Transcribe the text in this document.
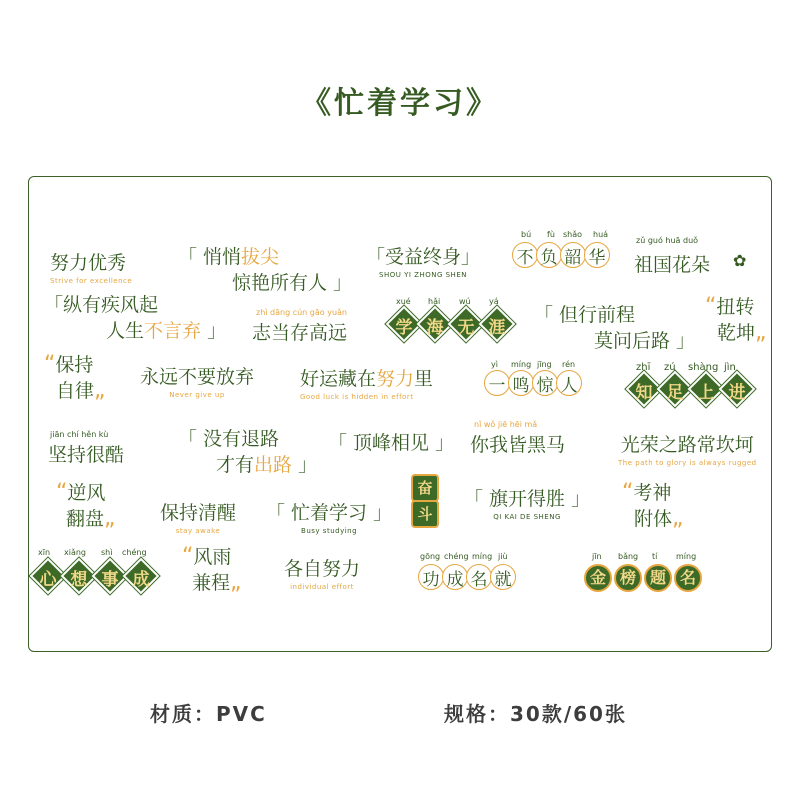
《忙着学习》
努力优秀
Strive for excellence
「 悄悄拔尖
惊艳所有人 」
「受益终身」
SHOU YI ZHONG SHEN
bú fù shǎo huá
不 负 韶 华
zǔ guó huā duǒ
祖国花朵 ✿
「纵有疾风起
人生不言弃 」
zhì dāng cún gāo yuǎn
志当存高远
xué hǎi wú yá
学 海 无 涯
「 但行前程
莫问后路 」
“扭转
乾坤„
“保持
自律„
永远不要放弃
Never give up
好运藏在努力里
Good luck is hidden in effort
yì míng jīng rén
一 鸣 惊 人
zhī zú shàng jìn
知 足 上 进
jiān chí hěn kù
坚持很酷
「 没有退路
才有出路 」
「 顶峰相见 」
nǐ wǒ jiē hēi mǎ
你我皆黑马	光荣之路常坎坷
The path to glory is always rugged
“逆风
翻盘„ 保持清醒
stay awake
「 忙着学习 」
Busy studying
奋
斗
「 旗开得胜 」
QI KAI DE SHENG
“考神
附体„
xīn xiǎng shì chéng
心 想 事 成
“风雨
兼程„
各自努力
individual effort
gōng chéng míng jiù
功 成 名 就
jīn bǎng tí míng
金 榜 题 名
材质：PVC	规格：30款/60张
